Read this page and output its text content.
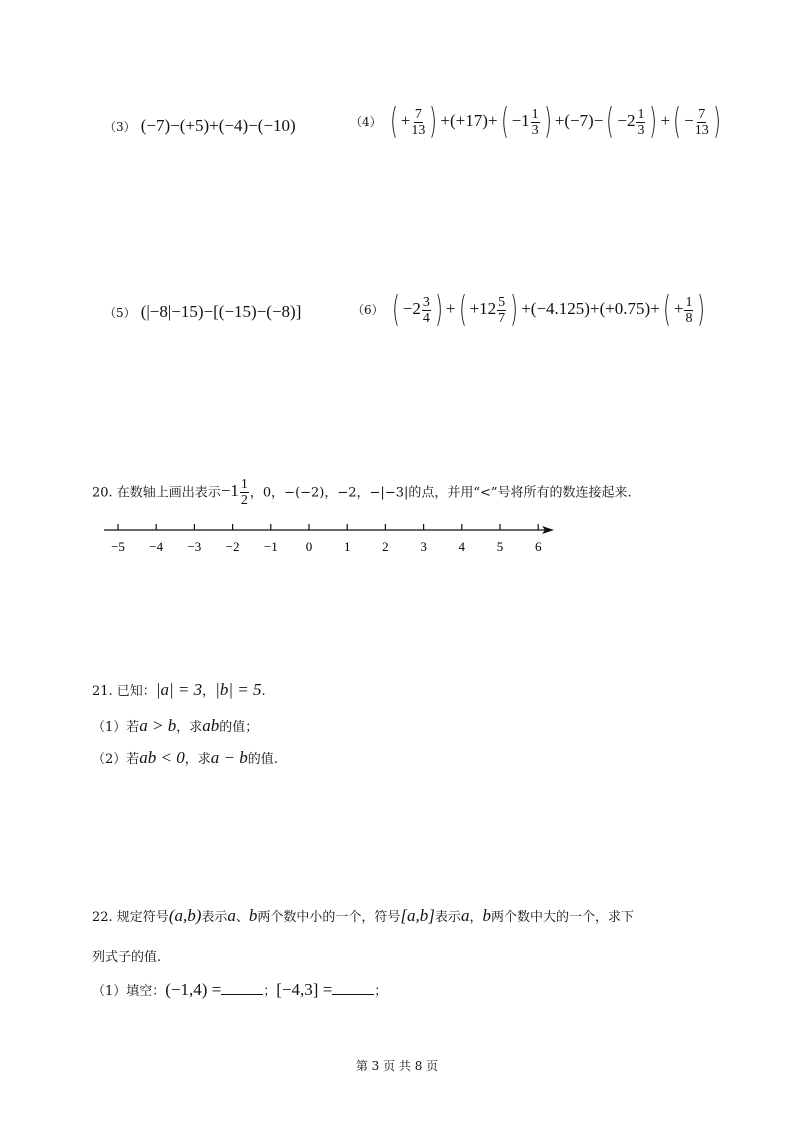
（3） (−7)−(+5)+(−4)−(−10)	（4） ( + $\frac{7}{13}$ ) $+(+17)+( -1 \frac{1}{3}$ ) $+(-7)-( -2 \frac{1}{3}$ ) +( − $\frac{7}{13}$ )
（5） (|−8|−15)−[(−15)−(−8)]	（6） ( $-2 \frac{3}{4}$ ) +( $+12 \frac{5}{7}$ ) $+(-4.125)+(+0.75)+( + \frac{1}{8}$ )
20. 在数轴上画出表示$-1 \frac{1}{2}$ ，0，−(−2)，−2，−|−3|的点，并用“<”号将所有的数连接起来.
−5 −4 −3 −2 −1 0 1 2 3 4 5 6
21. 已知：|a| = 3，|b| = 5.
（1）若a > b，求ab的值；
（2）若ab < 0，求a − b的值.
22. 规定符号(a,b)表示a、b两个数中小的一个，符号[a,b]表示a，b两个数中大的一个，求下
列式子的值.
（1）填空：(−1,4) =	；[−4,3] =	；
第 3 页 共 8 页
